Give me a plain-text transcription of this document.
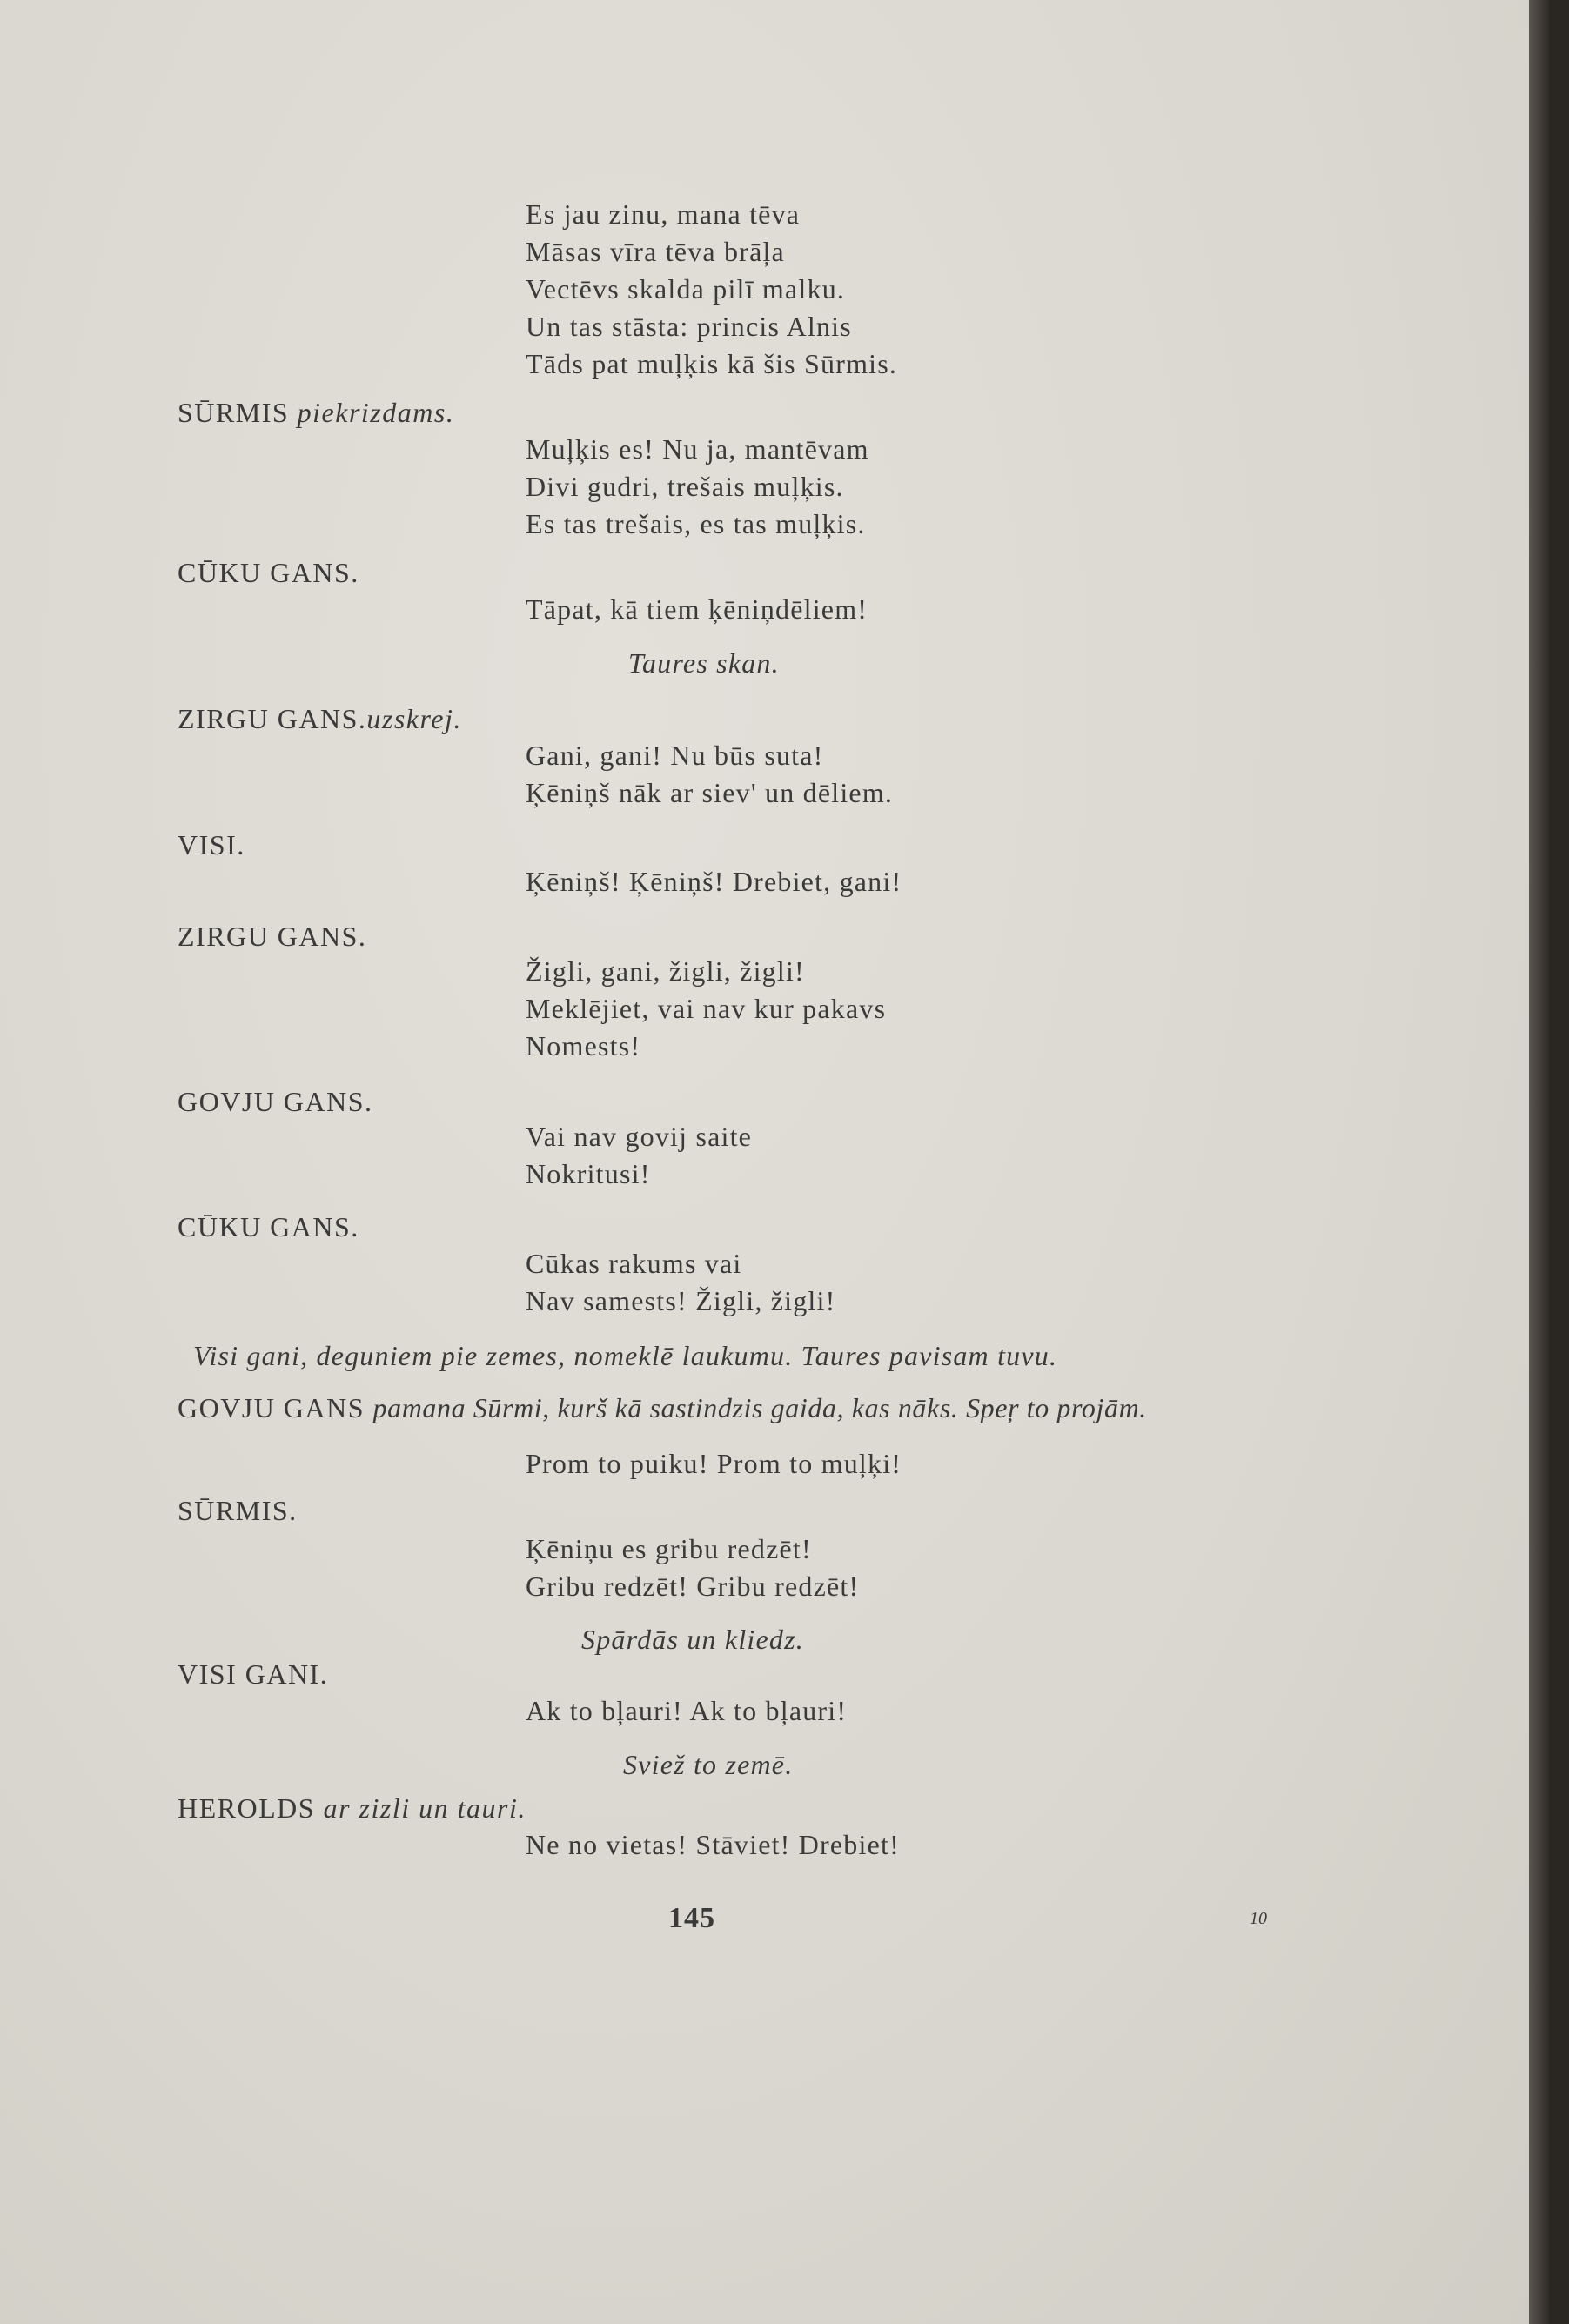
Es jau zinu, mana tēva
Māsas vīra tēva brāļa
Vectēvs skalda pilī malku.
Un tas stāsta: princis Alnis
Tāds pat muļķis kā šis Sūrmis.
SŪRMIS piekrizdams.
Muļķis es! Nu ja, mantēvam
Divi gudri, trešais muļķis.
Es tas trešais, es tas muļķis.
CŪKU GANS.
Tāpat, kā tiem ķēniņdēliem!
Taures skan.
ZIRGU GANS.uzskrej.
Gani, gani! Nu būs suta!
Ķēniņš nāk ar siev' un dēliem.
VISI.
Ķēniņš! Ķēniņš! Drebiet, gani!
ZIRGU GANS.
Žigli, gani, žigli, žigli!
Meklējiet, vai nav kur pakavs
Nomests!
GOVJU GANS.
Vai nav govij saite
Nokritusi!
CŪKU GANS.
Cūkas rakums vai
Nav samests! Žigli, žigli!
Visi gani, deguniem pie zemes, nomeklē laukumu. Taures pavisam tuvu.
GOVJU GANS pamana Sūrmi, kurš kā sastindzis gaida, kas nāks. Speŗ to projām.
Prom to puiku! Prom to muļķi!
SŪRMIS.
Ķēniņu es gribu redzēt!
Gribu redzēt! Gribu redzēt!
Spārdās un kliedz.
VISI GANI.
Ak to bļauri! Ak to bļauri!
Sviež to zemē.
HEROLDS ar zizli un tauri.
Ne no vietas! Stāviet! Drebiet!
145	10
